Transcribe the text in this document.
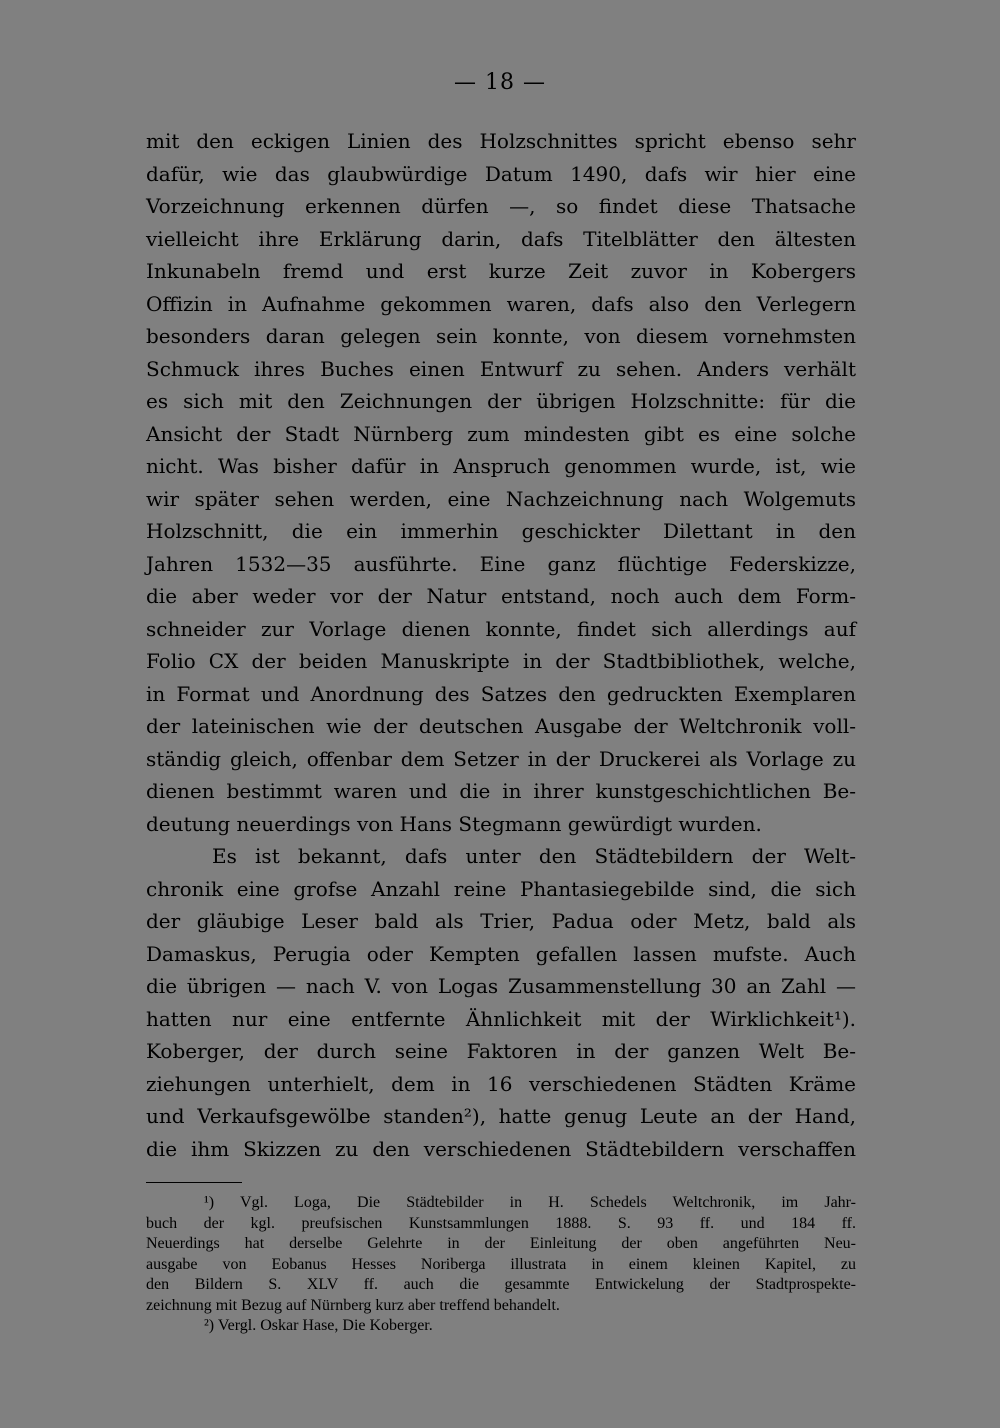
— 18 —
mit den eckigen Linien des Holzschnittes spricht ebenso sehr
dafür, wie das glaubwürdige Datum 1490, dafs wir hier eine
Vorzeichnung erkennen dürfen —, so findet diese Thatsache
vielleicht ihre Erklärung darin, dafs Titelblätter den ältesten
Inkunabeln fremd und erst kurze Zeit zuvor in Kobergers
Offizin in Aufnahme gekommen waren, dafs also den Verlegern
besonders daran gelegen sein konnte, von diesem vornehmsten
Schmuck ihres Buches einen Entwurf zu sehen. Anders verhält
es sich mit den Zeichnungen der übrigen Holzschnitte: für die
Ansicht der Stadt Nürnberg zum mindesten gibt es eine solche
nicht. Was bisher dafür in Anspruch genommen wurde, ist, wie
wir später sehen werden, eine Nachzeichnung nach Wolgemuts
Holzschnitt, die ein immerhin geschickter Dilettant in den
Jahren 1532—35 ausführte. Eine ganz flüchtige Federskizze,
die aber weder vor der Natur entstand, noch auch dem Form-
schneider zur Vorlage dienen konnte, findet sich allerdings auf
Folio CX der beiden Manuskripte in der Stadtbibliothek, welche,
in Format und Anordnung des Satzes den gedruckten Exemplaren
der lateinischen wie der deutschen Ausgabe der Weltchronik voll-
ständig gleich, offenbar dem Setzer in der Druckerei als Vorlage zu
dienen bestimmt waren und die in ihrer kunstgeschichtlichen Be-
deutung neuerdings von Hans Stegmann gewürdigt wurden.
Es ist bekannt, dafs unter den Städtebildern der Welt-
chronik eine grofse Anzahl reine Phantasiegebilde sind, die sich
der gläubige Leser bald als Trier, Padua oder Metz, bald als
Damaskus, Perugia oder Kempten gefallen lassen mufste. Auch
die übrigen — nach V. von Logas Zusammenstellung 30 an Zahl —
hatten nur eine entfernte Ähnlichkeit mit der Wirklichkeit¹).
Koberger, der durch seine Faktoren in der ganzen Welt Be-
ziehungen unterhielt, dem in 16 verschiedenen Städten Kräme
und Verkaufsgewölbe standen²), hatte genug Leute an der Hand,
die ihm Skizzen zu den verschiedenen Städtebildern verschaffen
¹) Vgl. Loga, Die Städtebilder in H. Schedels Weltchronik, im Jahr-
buch der kgl. preufsischen Kunstsammlungen 1888. S. 93 ff. und 184 ff.
Neuerdings hat derselbe Gelehrte in der Einleitung der oben angeführten Neu-
ausgabe von Eobanus Hesses Noriberga illustrata in einem kleinen Kapitel, zu
den Bildern S. XLV ff. auch die gesammte Entwickelung der Stadtprospekte-
zeichnung mit Bezug auf Nürnberg kurz aber treffend behandelt.
²) Vergl. Oskar Hase, Die Koberger.
